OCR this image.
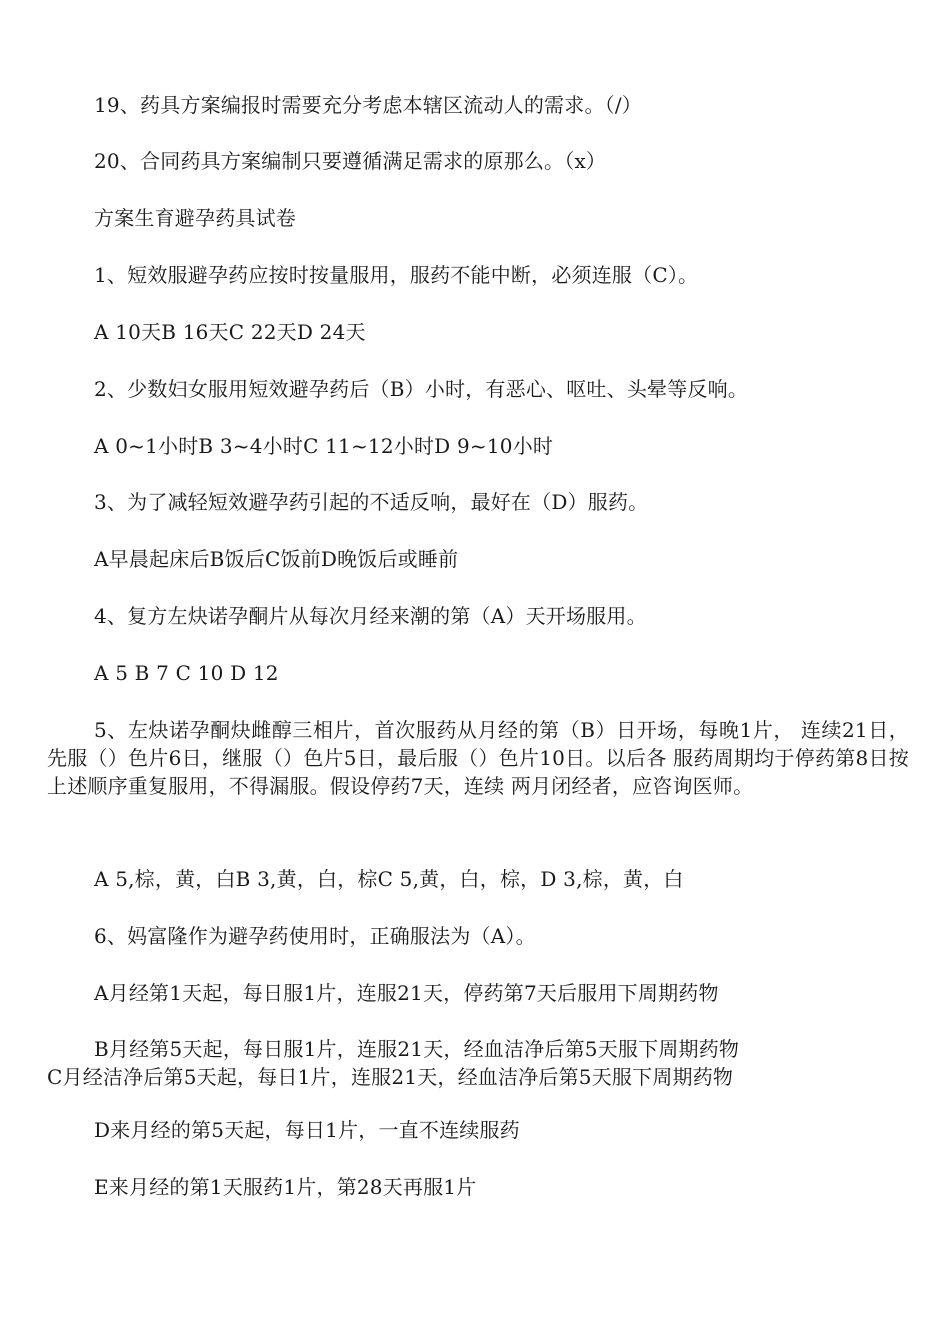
19、药具方案编报时需要充分考虑本辖区流动人的需求。（/）
20、合同药具方案编制只要遵循满足需求的原那么。（x）
方案生育避孕药具试卷
1、短效服避孕药应按时按量服用，服药不能中断，必须连服（C）。
A 10天B 16天C 22天D 24天
2、少数妇女服用短效避孕药后（B）小时，有恶心、呕吐、头晕等反响。
A 0~1小时B 3~4小时C 11~12小时D 9~10小时
3、为了减轻短效避孕药引起的不适反响，最好在（D）服药。
A早晨起床后B饭后C饭前D晚饭后或睡前
4、复方左炔诺孕酮片从每次月经来潮的第（A）天开场服用。
A 5 B 7 C 10 D 12
5、左炔诺孕酮炔雌醇三相片，首次服药从月经的第（B）日开场，每晚1片， 连续21日，先服（）色片6日，继服（）色片5日，最后服（）色片10日。以后各 服药周期均于停药第8日按上述顺序重复服用，不得漏服。假设停药7天，连续 两月闭经者，应咨询医师。
A 5,棕，黄，白B 3,黄，白，棕C 5,黄，白，棕，D 3,棕，黄，白
6、妈富隆作为避孕药使用时，正确服法为（A）。
A月经第1天起，每日服1片，连服21天，停药第7天后服用下周期药物
B月经第5天起，每日服1片，连服21天，经血洁净后第5天服下周期药物
C月经洁净后第5天起，每日1片，连服21天，经血洁净后第5天服下周期药物
D来月经的第5天起，每日1片，一直不连续服药
E来月经的第1天服药1片，第28天再服1片
